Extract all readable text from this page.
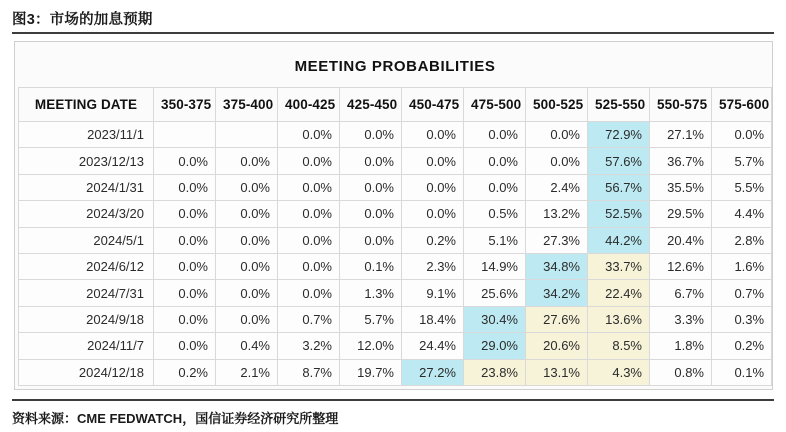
图3：市场的加息预期
MEETING PROBABILITIES										
MEETING DATE	350-375	375-400	400-425	425-450	450-475	475-500	500-525	525-550	550-575	575-600
2023/11/1			0.0%	0.0%	0.0%	0.0%	0.0%	72.9%	27.1%	0.0%
2023/12/13	0.0%	0.0%	0.0%	0.0%	0.0%	0.0%	0.0%	57.6%	36.7%	5.7%
2024/1/31	0.0%	0.0%	0.0%	0.0%	0.0%	0.0%	2.4%	56.7%	35.5%	5.5%
2024/3/20	0.0%	0.0%	0.0%	0.0%	0.0%	0.5%	13.2%	52.5%	29.5%	4.4%
2024/5/1	0.0%	0.0%	0.0%	0.0%	0.2%	5.1%	27.3%	44.2%	20.4%	2.8%
2024/6/12	0.0%	0.0%	0.0%	0.1%	2.3%	14.9%	34.8%	33.7%	12.6%	1.6%
2024/7/31	0.0%	0.0%	0.0%	1.3%	9.1%	25.6%	34.2%	22.4%	6.7%	0.7%
2024/9/18	0.0%	0.0%	0.7%	5.7%	18.4%	30.4%	27.6%	13.6%	3.3%	0.3%
2024/11/7	0.0%	0.4%	3.2%	12.0%	24.4%	29.0%	20.6%	8.5%	1.8%	0.2%
2024/12/18	0.2%	2.1%	8.7%	19.7%	27.2%	23.8%	13.1%	4.3%	0.8%	0.1%
资料来源：CME FEDWATCH，国信证券经济研究所整理
